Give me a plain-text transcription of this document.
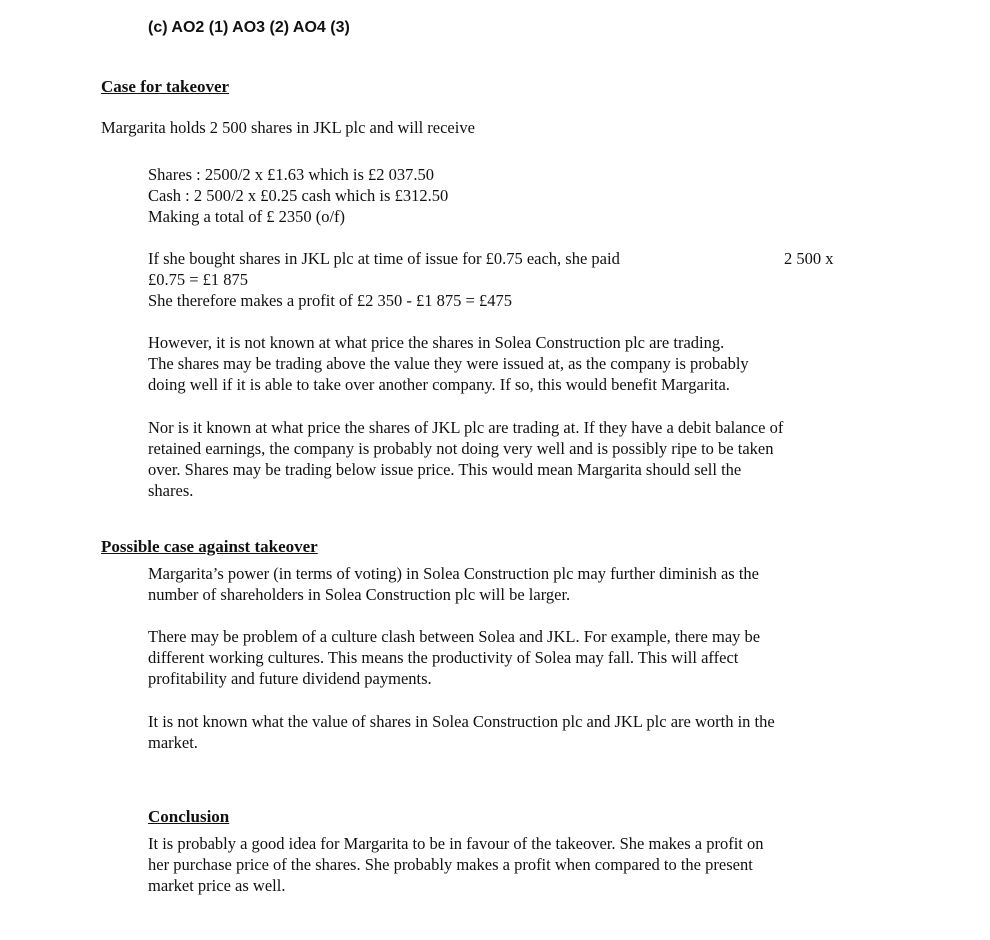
(c) AO2 (1) AO3 (2) AO4 (3)
Case for takeover
Margarita holds 2 500 shares in JKL plc and will receive
Shares : 2500/2 x £1.63 which is £2 037.50
Cash : 2 500/2 x £0.25 cash which is £312.50
Making a total of £ 2350 (o/f)
If she bought shares in JKL plc at time of issue for £0.75 each, she paid	2 500 x
£0.75 = £1 875
She therefore makes a profit of £2 350 - £1 875 = £475
However, it is not known at what price the shares in Solea Construction plc are trading.
The shares may be trading above the value they were issued at, as the company is probably
doing well if it is able to take over another company. If so, this would benefit Margarita.
Nor is it known at what price the shares of JKL plc are trading at. If they have a debit balance of
retained earnings, the company is probably not doing very well and is possibly ripe to be taken
over. Shares may be trading below issue price. This would mean Margarita should sell the
shares.
Possible case against takeover
Margarita’s power (in terms of voting) in Solea Construction plc may further diminish as the
number of shareholders in Solea Construction plc will be larger.
There may be problem of a culture clash between Solea and JKL. For example, there may be
different working cultures. This means the productivity of Solea may fall. This will affect
profitability and future dividend payments.
It is not known what the value of shares in Solea Construction plc and JKL plc are worth in the
market.
Conclusion
It is probably a good idea for Margarita to be in favour of the takeover. She makes a profit on
her purchase price of the shares. She probably makes a profit when compared to the present
market price as well.
